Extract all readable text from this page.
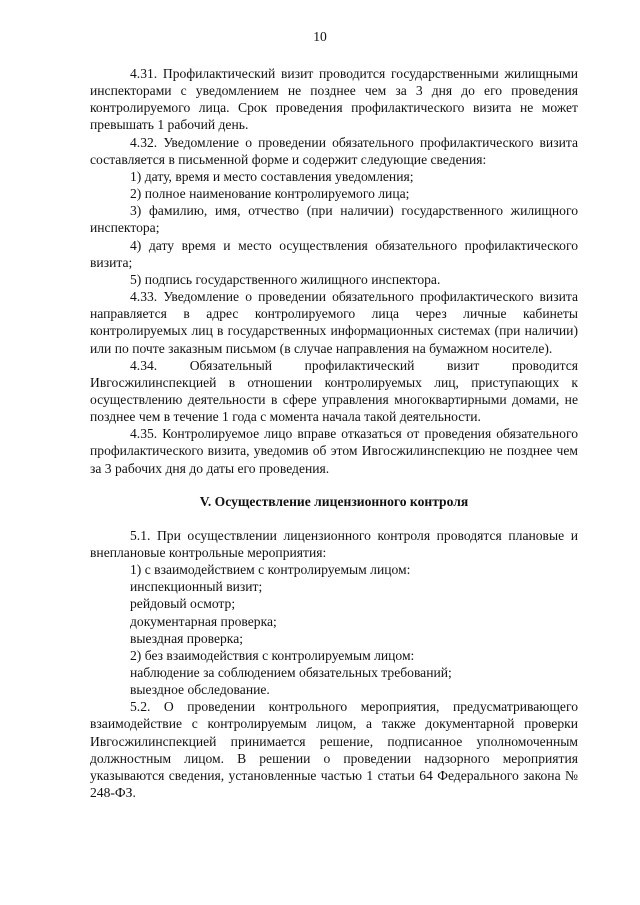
10

4.31. Профилактический визит проводится государственными жилищными инспекторами с уведомлением не позднее чем за 3 дня до его проведения контролируемого лица. Срок проведения профилактического визита не может превышать 1 рабочий день.

4.32. Уведомление о проведении обязательного профилактического визита составляется в письменной форме и содержит следующие сведения:

1) дату, время и место составления уведомления;

2) полное наименование контролируемого лица;

3) фамилию, имя, отчество (при наличии) государственного жилищного инспектора;

4) дату время и место осуществления обязательного профилактического визита;

5) подпись государственного жилищного инспектора.

4.33. Уведомление о проведении обязательного профилактического визита направляется в адрес контролируемого лица через личные кабинеты контролируемых лиц в государственных информационных системах (при наличии) или по почте заказным письмом (в случае направления на бумажном носителе).

4.34. Обязательный профилактический визит проводится Ивгосжилинспекцией в отношении контролируемых лиц, приступающих к осуществлению деятельности в сфере управления многоквартирными домами, не позднее чем в течение 1 года с момента начала такой деятельности.

4.35. Контролируемое лицо вправе отказаться от проведения обязательного профилактического визита, уведомив об этом Ивгосжилинспекцию не позднее чем за 3 рабочих дня до даты его проведения.

V. Осуществление лицензионного контроля

5.1. При осуществлении лицензионного контроля проводятся плановые и внеплановые контрольные мероприятия:

1) с взаимодействием с контролируемым лицом:

инспекционный визит;

рейдовый осмотр;

документарная проверка;

выездная проверка;

2) без взаимодействия с контролируемым лицом:

наблюдение за соблюдением обязательных требований;

выездное обследование.

5.2. О проведении контрольного мероприятия, предусматривающего взаимодействие с контролируемым лицом, а также документарной проверки Ивгосжилинспекцией принимается решение, подписанное уполномоченным должностным лицом. В решении о проведении надзорного мероприятия указываются сведения, установленные частью 1 статьи 64 Федерального закона № 248-ФЗ.
